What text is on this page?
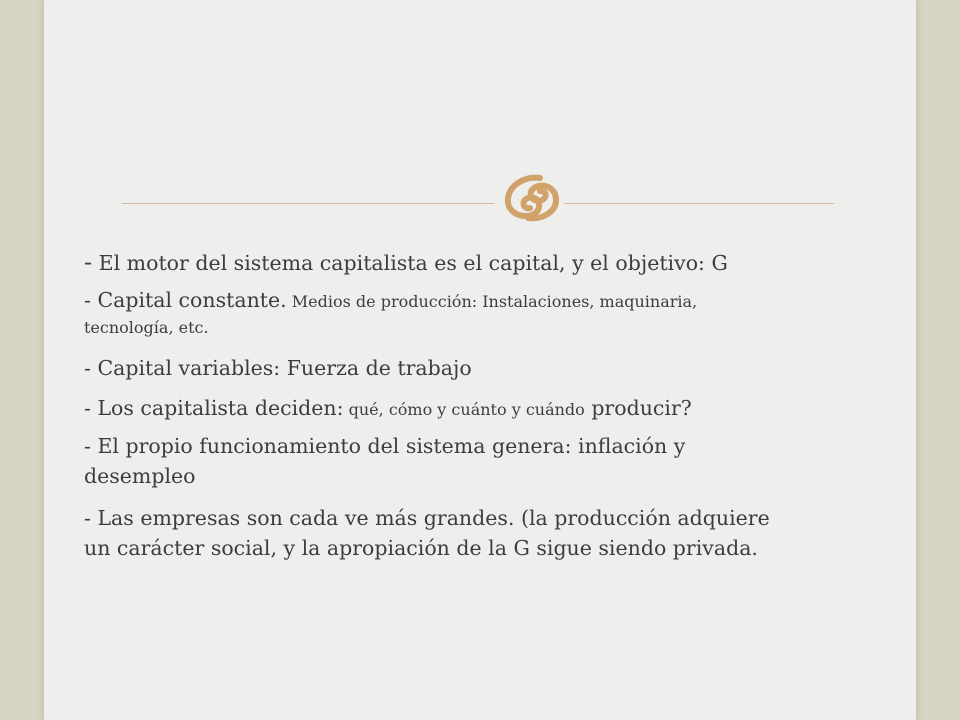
- El motor del sistema capitalista es el capital, y el objetivo: G

- Capital constante. Medios de producción: Instalaciones, maquinaria,

tecnología, etc.

- Capital variables: Fuerza de trabajo

- Los capitalista deciden: qué, cómo y cuánto y cuándo producir?

- El propio funcionamiento del sistema genera: inflación y

desempleo

- Las empresas son cada ve más grandes. (la producción adquiere

un carácter social, y la apropiación de la G sigue siendo privada.
